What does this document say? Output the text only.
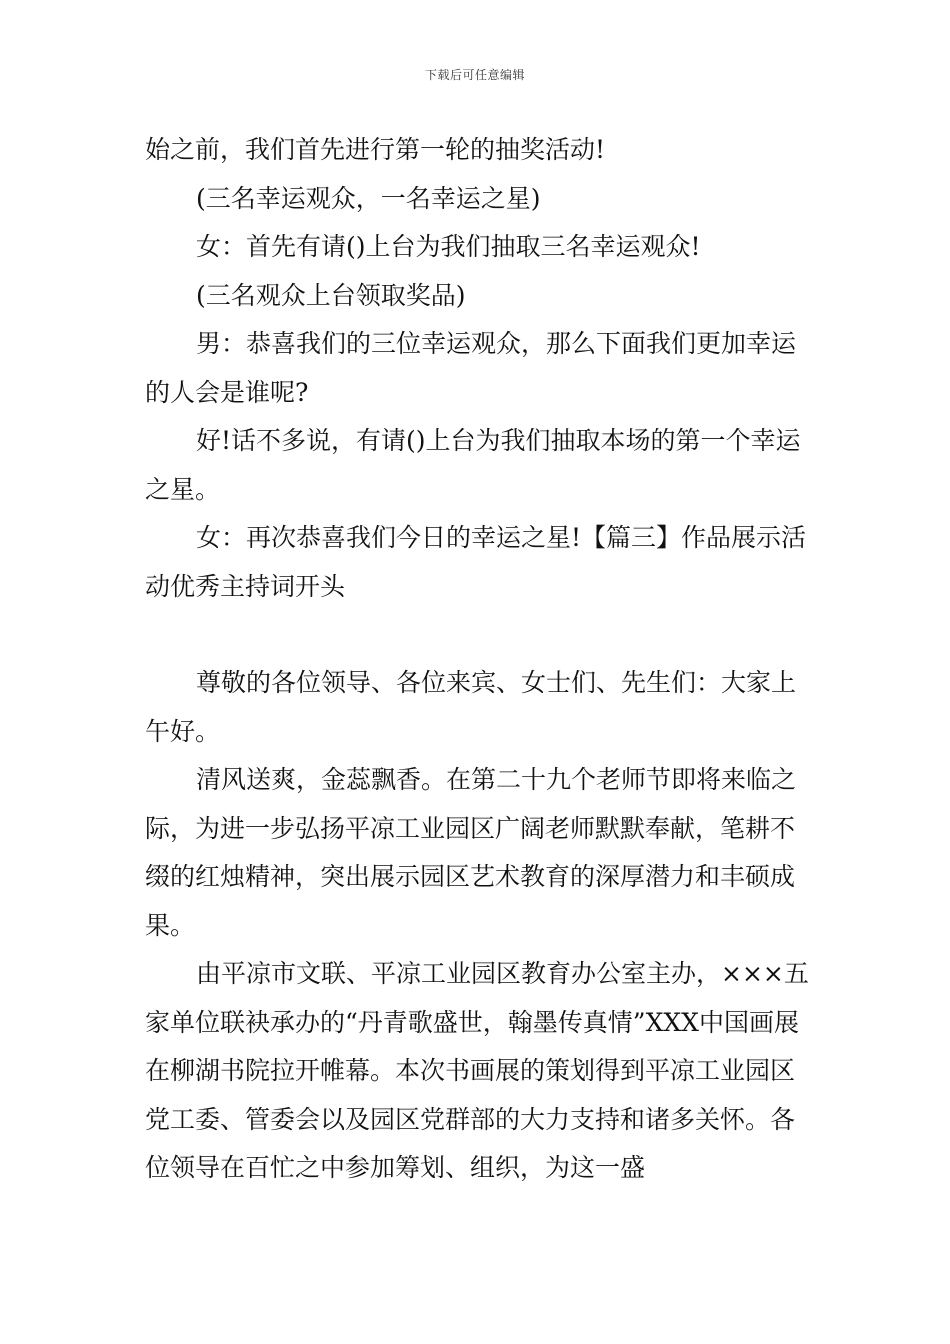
下载后可任意编辑

始之前，我们首先进行第一轮的抽奖活动!

(三名幸运观众，一名幸运之星)

女：首先有请()上台为我们抽取三名幸运观众!

(三名观众上台领取奖品)

男：恭喜我们的三位幸运观众，那么下面我们更加幸运的人会是谁呢?

好!话不多说，有请()上台为我们抽取本场的第一个幸运之星。

女：再次恭喜我们今日的幸运之星!【篇三】作品展示活动优秀主持词开头

尊敬的各位领导、各位来宾、女士们、先生们：大家上午好。

清风送爽，金蕊飘香。在第二十九个老师节即将来临之际，为进一步弘扬平凉工业园区广阔老师默默奉献，笔耕不缀的红烛精神，突出展示园区艺术教育的深厚潜力和丰硕成果。

由平凉市文联、平凉工业园区教育办公室主办，×××五家单位联袂承办的“丹青歌盛世，翰墨传真情”XXX中国画展在柳湖书院拉开帷幕。本次书画展的策划得到平凉工业园区党工委、管委会以及园区党群部的大力支持和诸多关怀。各位领导在百忙之中参加筹划、组织，为这一盛
